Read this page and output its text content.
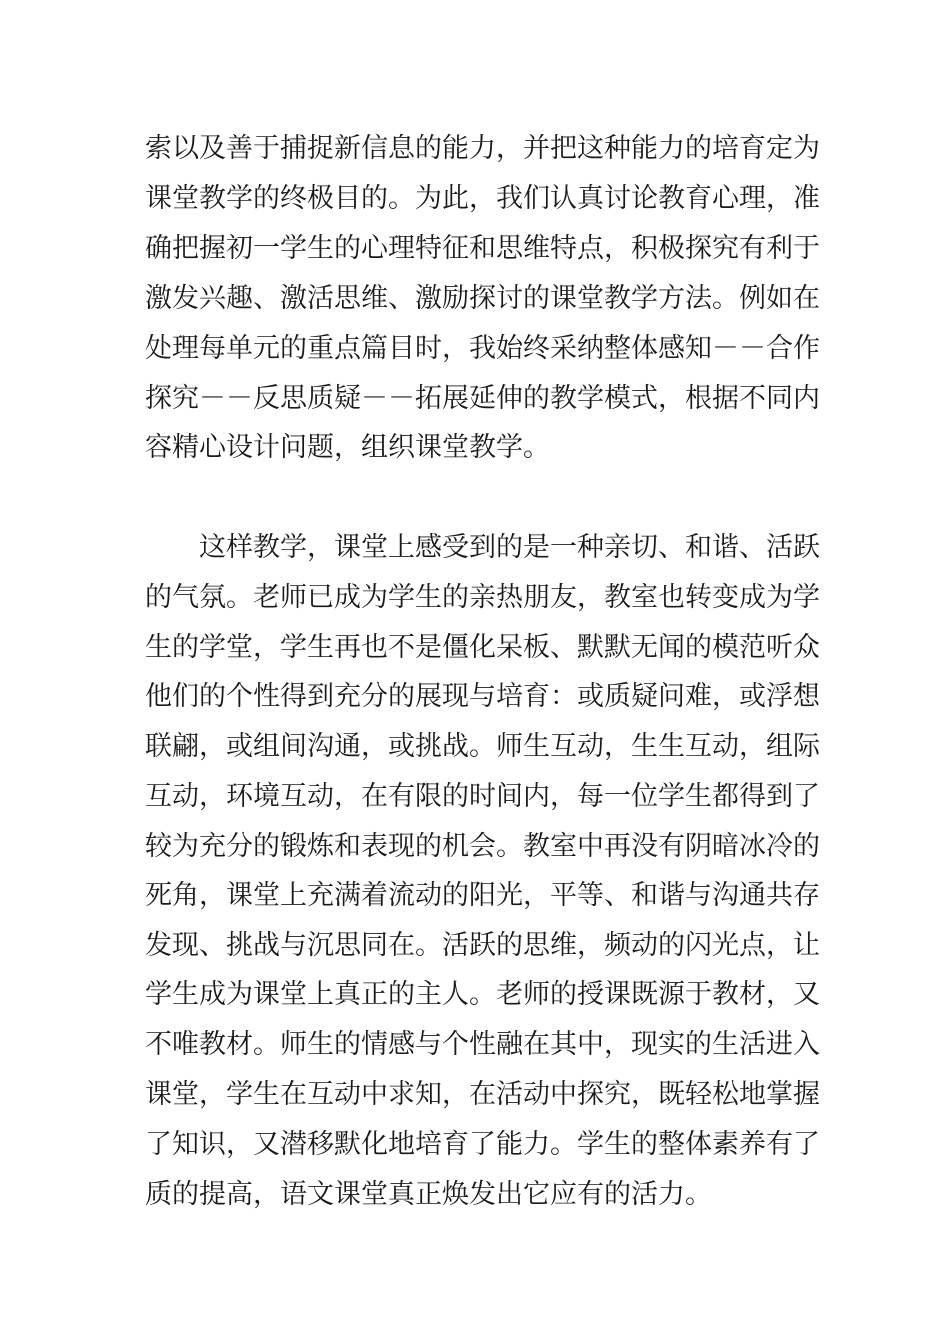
索以及善于捕捉新信息的能力，并把这种能力的培育定为
课堂教学的终极目的。为此，我们认真讨论教育心理，准
确把握初一学生的心理特征和思维特点，积极探究有利于
激发兴趣、激活思维、激励探讨的课堂教学方法。例如在
处理每单元的重点篇目时，我始终采纳整体感知－－合作
探究－－反思质疑－－拓展延伸的教学模式，根据不同内
容精心设计问题，组织课堂教学。
这样教学，课堂上感受到的是一种亲切、和谐、活跃
的气氛。老师已成为学生的亲热朋友，教室也转变成为学
生的学堂，学生再也不是僵化呆板、默默无闻的模范听众
他们的个性得到充分的展现与培育：或质疑问难，或浮想
联翩，或组间沟通，或挑战。师生互动，生生互动，组际
互动，环境互动，在有限的时间内，每一位学生都得到了
较为充分的锻炼和表现的机会。教室中再没有阴暗冰冷的
死角，课堂上充满着流动的阳光，平等、和谐与沟通共存
发现、挑战与沉思同在。活跃的思维，频动的闪光点，让
学生成为课堂上真正的主人。老师的授课既源于教材，又
不唯教材。师生的情感与个性融在其中，现实的生活进入
课堂，学生在互动中求知，在活动中探究，既轻松地掌握
了知识，又潜移默化地培育了能力。学生的整体素养有了
质的提高，语文课堂真正焕发出它应有的活力。
